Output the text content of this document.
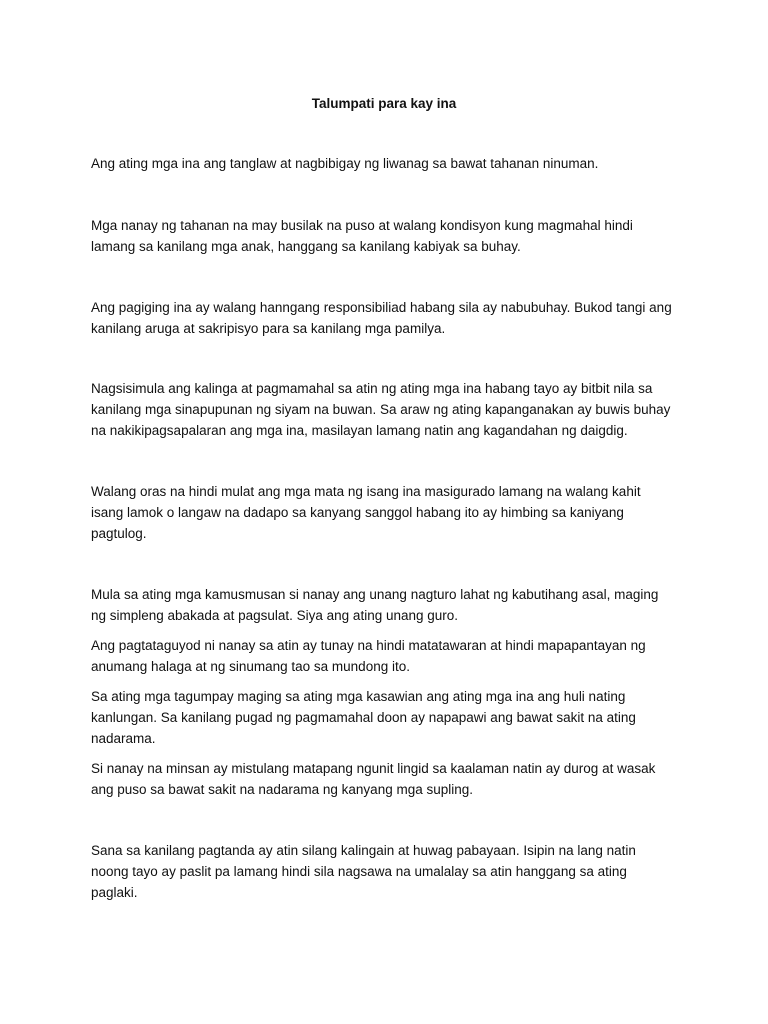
Talumpati para kay ina

Ang ating mga ina ang tanglaw at nagbibigay ng liwanag sa bawat tahanan ninuman.

Mga nanay ng tahanan na may busilak na puso at walang kondisyon kung magmahal hindi
lamang sa kanilang mga anak, hanggang sa kanilang kabiyak sa buhay.

Ang pagiging ina ay walang hanngang responsibiliad habang sila ay nabubuhay. Bukod tangi ang
kanilang aruga at sakripisyo para sa kanilang mga pamilya.

Nagsisimula ang kalinga at pagmamahal sa atin ng ating mga ina habang tayo ay bitbit nila sa
kanilang mga sinapupunan ng siyam na buwan. Sa araw ng ating kapanganakan ay buwis buhay
na nakikipagsapalaran ang mga ina, masilayan lamang natin ang kagandahan ng daigdig.

Walang oras na hindi mulat ang mga mata ng isang ina masigurado lamang na walang kahit
isang lamok o langaw na dadapo sa kanyang sanggol habang ito ay himbing sa kaniyang
pagtulog.

Mula sa ating mga kamusmusan si nanay ang unang nagturo lahat ng kabutihang asal, maging
ng simpleng abakada at pagsulat. Siya ang ating unang guro.

Ang pagtataguyod ni nanay sa atin ay tunay na hindi matatawaran at hindi mapapantayan ng
anumang halaga at ng sinumang tao sa mundong ito.

Sa ating mga tagumpay maging sa ating mga kasawian ang ating mga ina ang huli nating
kanlungan. Sa kanilang pugad ng pagmamahal doon ay napapawi ang bawat sakit na ating
nadarama.

Si nanay na minsan ay mistulang matapang ngunit lingid sa kaalaman natin ay durog at wasak
ang puso sa bawat sakit na nadarama ng kanyang mga supling.

Sana sa kanilang pagtanda ay atin silang kalingain at huwag pabayaan. Isipin na lang natin
noong tayo ay paslit pa lamang hindi sila nagsawa na umalalay sa atin hanggang sa ating
paglaki.
